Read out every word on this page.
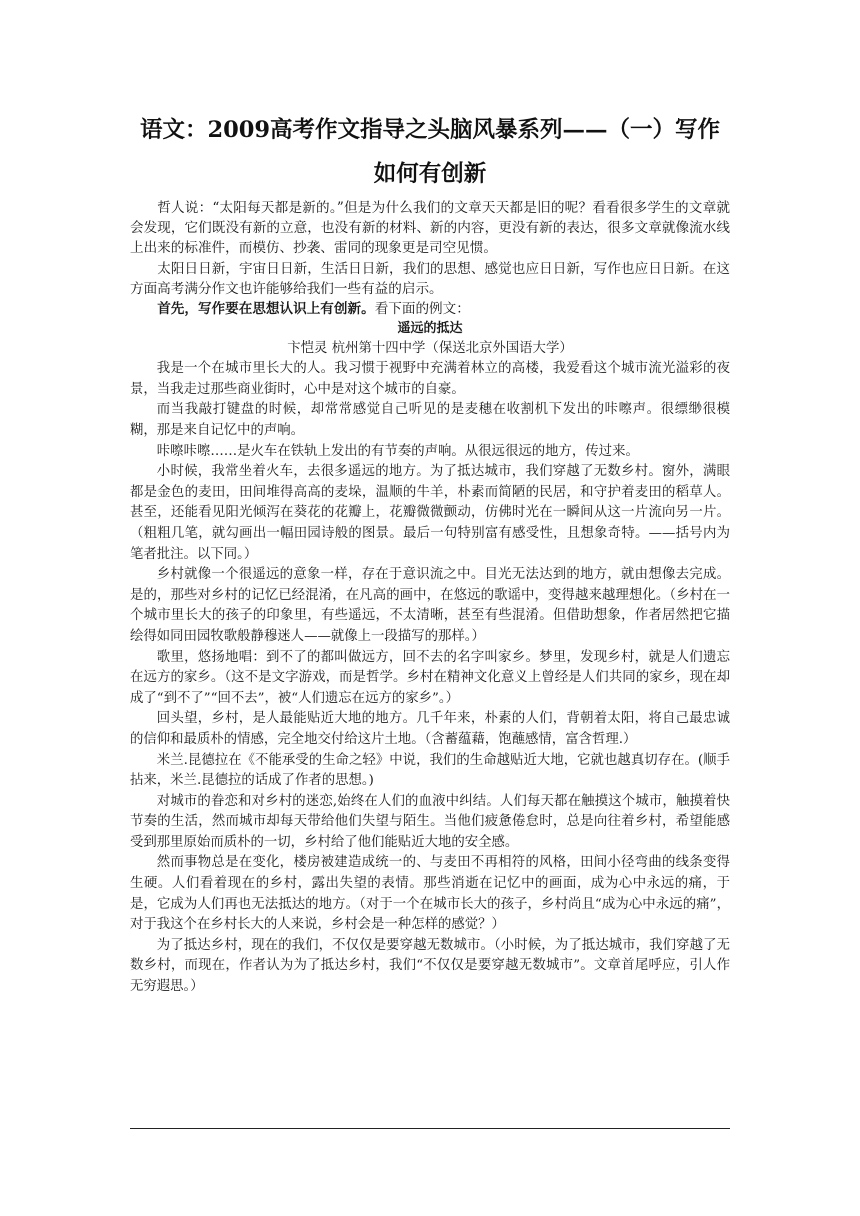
语文：2009高考作文指导之头脑风暴系列——（一）写作如何有创新

哲人说：“太阳每天都是新的。”但是为什么我们的文章天天都是旧的呢？看看很多学生的文章就会发现，它们既没有新的立意，也没有新的材料、新的内容，更没有新的表达，很多文章就像流水线上出来的标准件，而模仿、抄袭、雷同的现象更是司空见惯。

太阳日日新，宇宙日日新，生活日日新，我们的思想、感觉也应日日新，写作也应日日新。在这方面高考满分作文也许能够给我们一些有益的启示。

首先，写作要在思想认识上有创新。看下面的例文：

遥远的抵达

卞恺灵 杭州第十四中学（保送北京外国语大学）

我是一个在城市里长大的人。我习惯于视野中充满着林立的高楼，我爱看这个城市流光溢彩的夜景，当我走过那些商业街时，心中是对这个城市的自豪。

而当我敲打键盘的时候，却常常感觉自己听见的是麦穗在收割机下发出的咔嚓声。很缥缈很模糊，那是来自记忆中的声响。

咔嚓咔嚓……是火车在铁轨上发出的有节奏的声响。从很远很远的地方，传过来。

小时候，我常坐着火车，去很多遥远的地方。为了抵达城市，我们穿越了无数乡村。窗外，满眼都是金色的麦田，田间堆得高高的麦垛，温顺的牛羊，朴素而简陋的民居，和守护着麦田的稻草人。甚至，还能看见阳光倾泻在葵花的花瓣上，花瓣微微颤动，仿佛时光在一瞬间从这一片流向另一片。（粗粗几笔，就勾画出一幅田园诗般的图景。最后一句特别富有感受性，且想象奇特。——括号内为笔者批注。以下同。）

乡村就像一个很遥远的意象一样，存在于意识流之中。目光无法达到的地方，就由想像去完成。是的，那些对乡村的记忆已经混淆，在凡高的画中，在悠远的歌谣中，变得越来越理想化。（乡村在一个城市里长大的孩子的印象里，有些遥远，不太清晰，甚至有些混淆。但借助想象，作者居然把它描绘得如同田园牧歌般静穆迷人——就像上一段描写的那样。）

歌里，悠扬地唱：到不了的都叫做远方，回不去的名字叫家乡。梦里，发现乡村，就是人们遗忘在远方的家乡。（这不是文字游戏，而是哲学。乡村在精神文化意义上曾经是人们共同的家乡，现在却成了“到不了”“回不去”，被“人们遗忘在远方的家乡”。）

回头望，乡村，是人最能贴近大地的地方。几千年来，朴素的人们，背朝着太阳，将自己最忠诚的信仰和最质朴的情感，完全地交付给这片土地。（含蓄蕴藉，饱蘸感情，富含哲理.）

米兰.昆德拉在《不能承受的生命之轻》中说，我们的生命越贴近大地，它就也越真切存在。(顺手拈来，米兰.昆德拉的话成了作者的思想。)

对城市的眷恋和对乡村的迷恋,始终在人们的血液中纠结。人们每天都在触摸这个城市，触摸着快节奏的生活，然而城市却每天带给他们失望与陌生。当他们疲惫倦怠时，总是向往着乡村，希望能感受到那里原始而质朴的一切，乡村给了他们能贴近大地的安全感。

然而事物总是在变化，楼房被建造成统一的、与麦田不再相符的风格，田间小径弯曲的线条变得生硬。人们看着现在的乡村，露出失望的表情。那些消逝在记忆中的画面，成为心中永远的痛，于是，它成为人们再也无法抵达的地方。（对于一个在城市长大的孩子，乡村尚且“成为心中永远的痛”，对于我这个在乡村长大的人来说，乡村会是一种怎样的感觉？）

为了抵达乡村，现在的我们，不仅仅是要穿越无数城市。（小时候，为了抵达城市，我们穿越了无数乡村，而现在，作者认为为了抵达乡村，我们“不仅仅是要穿越无数城市”。文章首尾呼应，引人作无穷遐思。）
